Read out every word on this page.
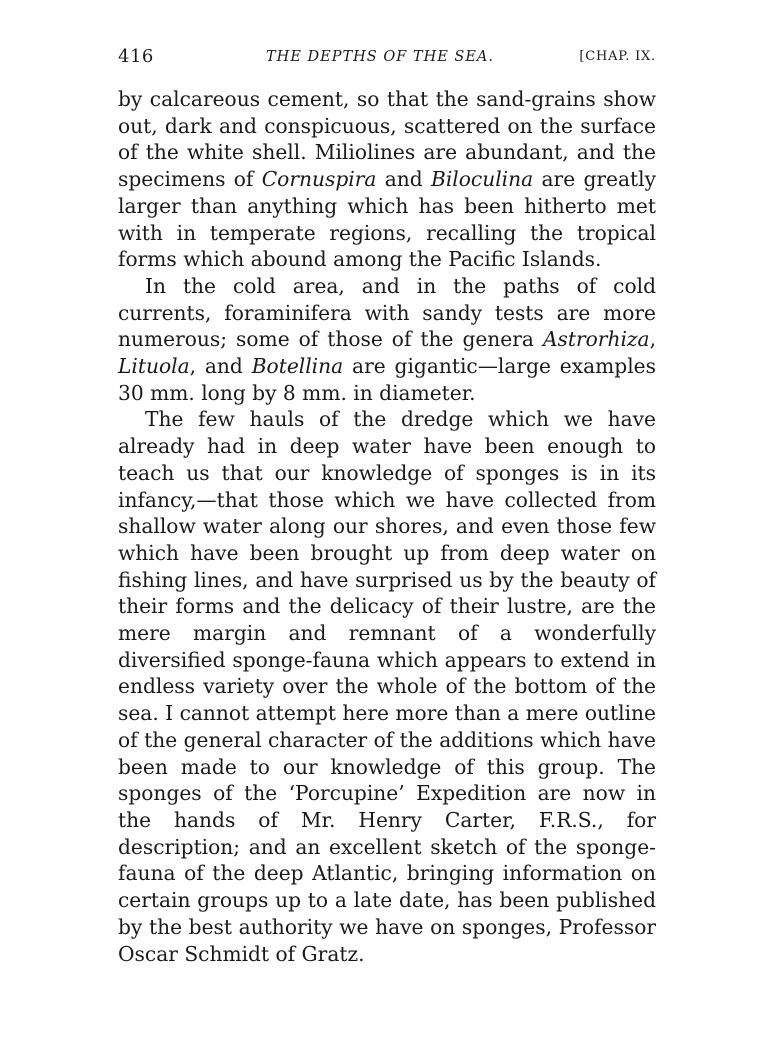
416	THE DEPTHS OF THE SEA.	[CHAP. IX.

by calcareous cement, so that the sand-grains show out, dark and conspicuous, scattered on the surface of the white shell. Miliolines are abundant, and the specimens of Cornuspira and Biloculina are greatly larger than anything which has been hitherto met with in temperate regions, recalling the tropical forms which abound among the Pacific Islands.

In the cold area, and in the paths of cold currents, foraminifera with sandy tests are more numerous; some of those of the genera Astrorhiza, Lituola, and Botellina are gigantic—large examples 30 mm. long by 8 mm. in diameter.

The few hauls of the dredge which we have already had in deep water have been enough to teach us that our knowledge of sponges is in its infancy,—that those which we have collected from shallow water along our shores, and even those few which have been brought up from deep water on fishing lines, and have surprised us by the beauty of their forms and the delicacy of their lustre, are the mere margin and remnant of a wonderfully diversified sponge-fauna which appears to extend in endless variety over the whole of the bottom of the sea. I cannot attempt here more than a mere outline of the general character of the additions which have been made to our knowledge of this group. The sponges of the ‘Porcupine’ Expedition are now in the hands of Mr. Henry Carter, F.R.S., for description; and an excellent sketch of the sponge-fauna of the deep Atlantic, bringing information on certain groups up to a late date, has been published by the best authority we have on sponges, Professor Oscar Schmidt of Gratz.
